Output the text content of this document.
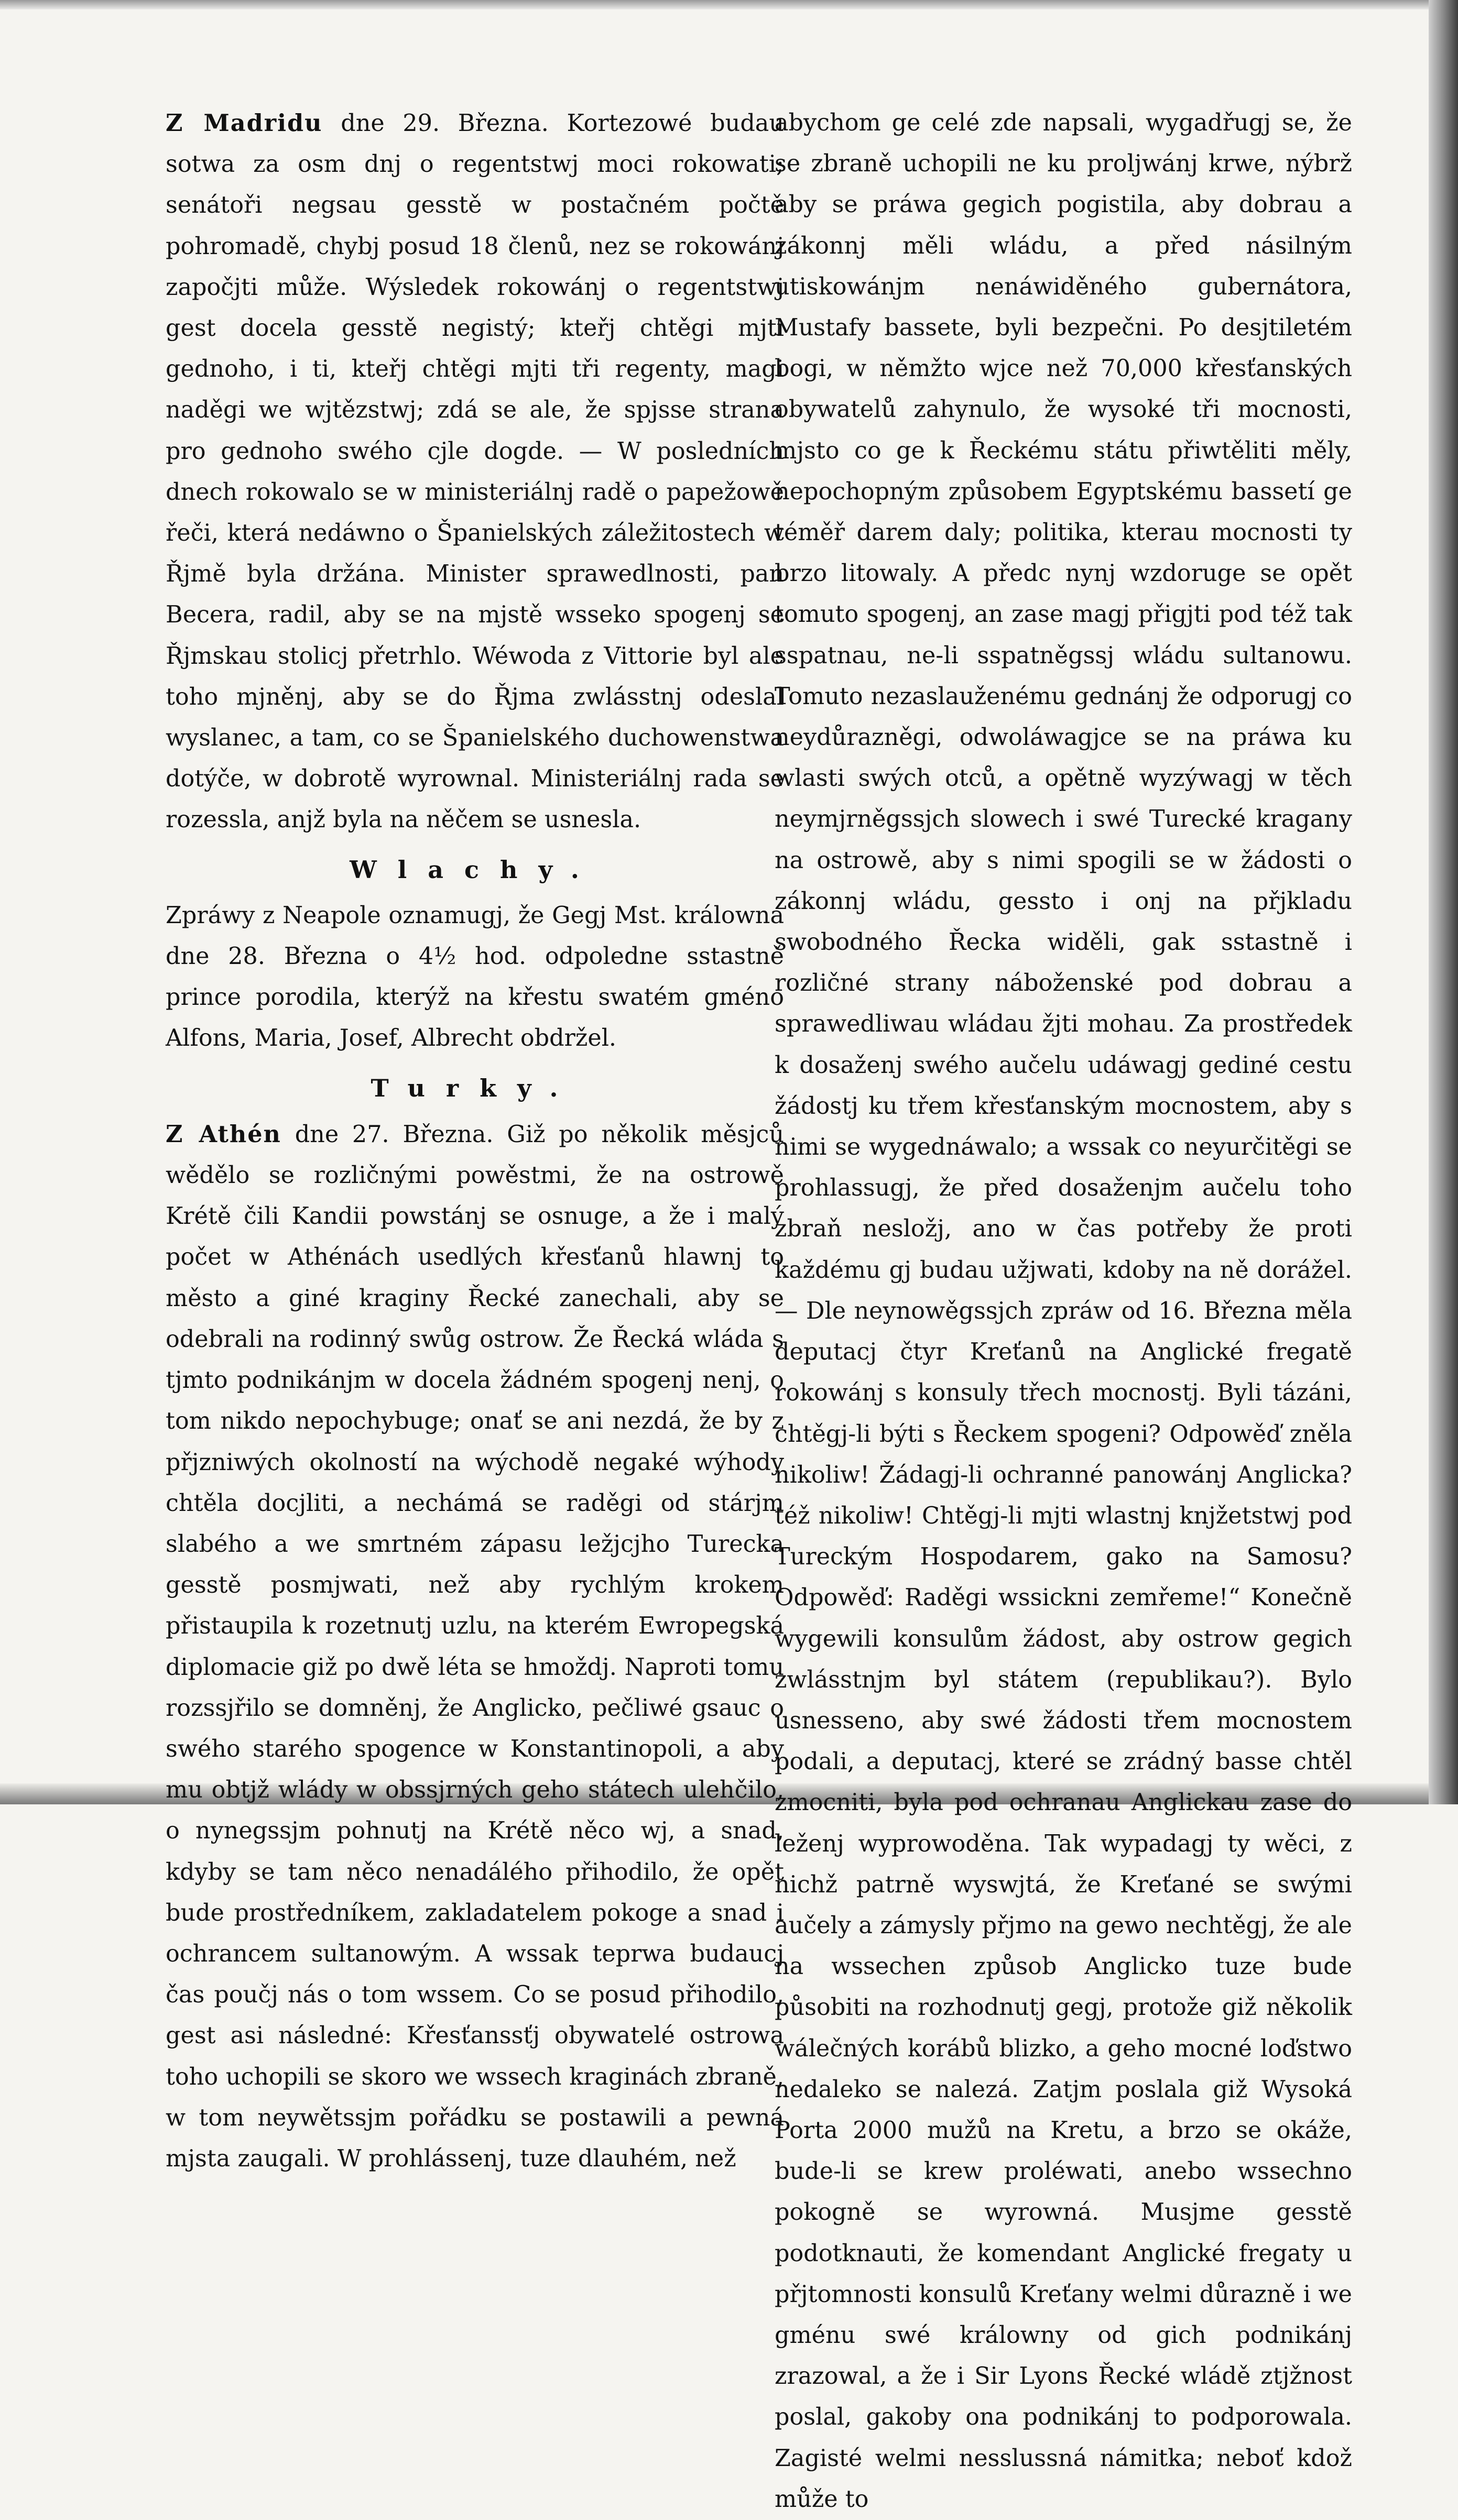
Z Madridu dne 29. Března. Kortezowé budau sotwa za osm dnj o regentstwj moci rokowati; senátoři negsau gesstě w postačném počtě pohromadě, chybj posud 18 členů, nez se rokowánj započjti může. Wýsledek rokowánj o regentstwj gest docela gesstě negistý; kteřj chtěgi mjti gednoho, i ti, kteřj chtěgi mjti tři regenty, magi naděgi we wjtězstwj; zdá se ale, že spjsse strana pro gednoho swého cjle dogde. — W posledních dnech rokowalo se w ministeriálnj radě o papežowě řeči, která nedáwno o Španielských záležitostech w Řjmě byla držána. Minister sprawedlnosti, pan Becera, radil, aby se na mjstě wsseko spogenj se Řjmskau stolicj přetrhlo. Wéwoda z Vittorie byl ale toho mjněnj, aby se do Řjma zwlásstnj odeslal wyslanec, a tam, co se Španielského duchowenstwa dotýče, w dobrotě wyrownal. Ministeriálnj rada se rozessla, anjž byla na něčem se usnesla.

Wlachy.

Zpráwy z Neapole oznamugj, že Gegj Mst. králowna dne 28. Března o 4½ hod. odpoledne sstastně prince porodila, kterýž na křestu swatém gméno Alfons, Maria, Josef, Albrecht obdržel.

Turky.

Z Athén dne 27. Března. Giž po několik měsjců wědělo se rozličnými powěstmi, že na ostrowě Krétě čili Kandii powstánj se osnuge, a že i malý počet w Athénách usedlých křesťanů hlawnj to město a giné kraginy Řecké zanechali, aby se odebrali na rodinný swůg ostrow. Že Řecká wláda s tjmto podnikánjm w docela žádném spogenj nenj, o tom nikdo nepochybuge; onať se ani nezdá, že by z přjzniwých okolností na wýchodě negaké wýhody chtěla docjliti, a nechámá se raděgi od stárjm slabého a we smrtném zápasu ležjcjho Turecka gesstě posmjwati, než aby rychlým krokem přistaupila k rozetnutj uzlu, na kterém Ewropegská diplomacie giž po dwě léta se hmoždj. Naproti tomu rozssjřilo se domněnj, že Anglicko, pečliwé gsauc o swého starého spogence w Konstantinopoli, a aby mu obtjž wlády w obssjrných geho státech ulehčilo, o nynegssjm pohnutj na Krétě něco wj, a snad, kdyby se tam něco nenadálého přihodilo, že opět bude prostředníkem, zakladatelem pokoge a snad i ochrancem sultanowým. A wssak teprwa budaucj čas poučj nás o tom wssem. Co se posud přihodilo, gest asi následné: Křesťanssťj obywatelé ostrowa toho uchopili se skoro we wssech kraginách zbraně, w tom neywětssjm pořádku se postawili a pewná mjsta zaugali. W prohlássenj, tuze dlauhém, než

abychom ge celé zde napsali, wygadřugj se, že se zbraně uchopili ne ku proljwánj krwe, nýbrž aby se práwa gegich pogistila, aby dobrau a zákonnj měli wládu, a před násilným utiskowánjm nenáwiděného gubernátora, Mustafy bassete, byli bezpečni. Po desjtiletém bogi, w němžto wjce než 70,000 křesťanských obywatelů zahynulo, že wysoké tři mocnosti, mjsto co ge k Řeckému státu přiwtěliti měly, nepochopným způsobem Egyptskému bassetí ge téměř darem daly; politika, kterau mocnosti ty brzo litowaly. A předc nynj wzdoruge se opět tomuto spogenj, an zase magj přigjti pod též tak sspatnau, ne-li sspatněgssj wládu sultanowu. Tomuto nezaslauženému gednánj že odporugj co neydůrazněgi, odwoláwagjce se na práwa ku wlasti swých otců, a opětně wyzýwagj w těch neymjrněgssjch slowech i swé Turecké kragany na ostrowě, aby s nimi spogili se w žádosti o zákonnj wládu, gessto i onj na přjkladu swobodného Řecka widěli, gak sstastně i rozličné strany náboženské pod dobrau a sprawedliwau wládau žjti mohau. Za prostředek k dosaženj swého aučelu udáwagj gediné cestu žádostj ku třem křesťanským mocnostem, aby s nimi se wygednáwalo; a wssak co neyurčitěgi se prohlassugj, že před dosaženjm aučelu toho zbraň nesložj, ano w čas potřeby že proti každému gj budau užjwati, kdoby na ně dorážel. — Dle neynowěgssjch zpráw od 16. Března měla deputacj čtyr Kreťanů na Anglické fregatě rokowánj s konsuly třech mocnostj. Byli tázáni, chtěgj-li býti s Řeckem spogeni? Odpowěď zněla nikoliw! Žádagj-li ochranné panowánj Anglicka? též nikoliw! Chtěgj-li mjti wlastnj knjžetstwj pod Tureckým Hospodarem, gako na Samosu? Odpowěď: Raděgi wssickni zemřeme!“ Konečně wygewili konsulům žádost, aby ostrow gegich zwlásstnjm byl státem (republikau?). Bylo usnesseno, aby swé žádosti třem mocnostem podali, a deputacj, které se zrádný basse chtěl zmocniti, byla pod ochranau Anglickau zase do leženj wyprowoděna. Tak wypadagj ty wěci, z nichž patrně wyswjtá, že Kreťané se swými aučely a zámysly přjmo na gewo nechtěgj, že ale na wssechen způsob Anglicko tuze bude působiti na rozhodnutj gegj, protože giž několik wálečných korábů blizko, a geho mocné loďstwo nedaleko se nalezá. Zatjm poslala giž Wysoká Porta 2000 mužů na Kretu, a brzo se okáže, bude-li se krew proléwati, anebo wssechno pokogně se wyrowná. Musjme gesstě podotknauti, že komendant Anglické fregaty u přjtomnosti konsulů Kreťany welmi důrazně i we gménu swé králowny od gich podnikánj zrazowal, a že i Sir Lyons Řecké wládě ztjžnost poslal, gakoby ona podnikánj to podporowala. Zagisté welmi nesslussná námitka; neboť kdož může to
